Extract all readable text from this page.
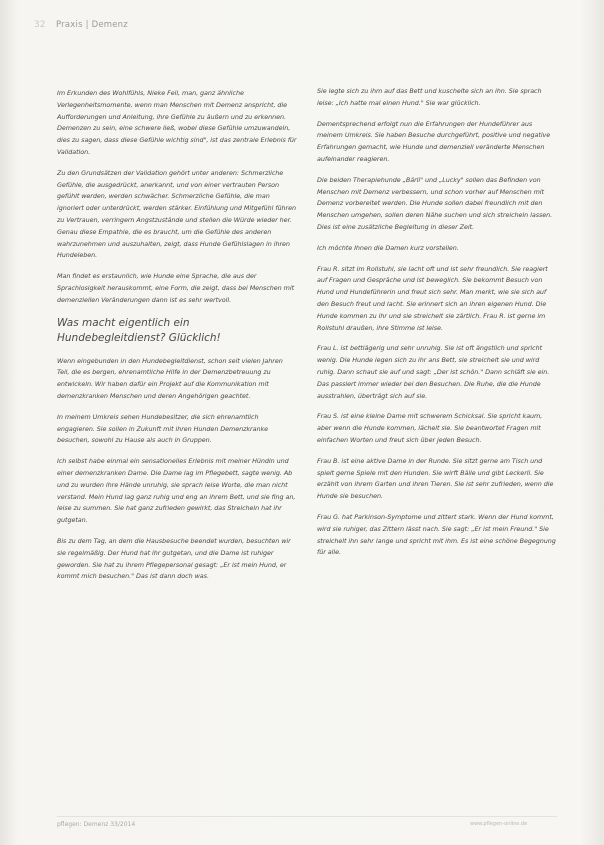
32	Praxis | Demenz

Im Erkunden des Wohlfühls, Nieke Feil, man, ganz ähnliche Verlegenheitsmomente, wenn man Menschen mit Demenz anspricht, die Aufforderungen und Anleitung, ihre Gefühle zu äußern und zu erkennen. Demenzen zu sein, eine schwere ließ, wobei diese Gefühle umzuwandeln, dies zu sagen, dass diese Gefühle wichtig sind", ist das zentrale Erlebnis für Validation.

Zu den Grundsätzen der Validation gehört unter anderen: Schmerzliche Gefühle, die ausgedrückt, anerkannt, und von einer vertrauten Person gefühlt werden, werden schwächer. Schmerzliche Gefühle, die man ignoriert oder unterdrückt, werden stärker. Einfühlung und Mitgefühl führen zu Vertrauen, verringern Angstzustände und stellen die Würde wieder her. Genau diese Empathie, die es braucht, um die Gefühle des anderen wahrzunehmen und auszuhalten, zeigt, dass Hunde Gefühlslagen in ihren Hundeleben.

Man findet es erstaunlich, wie Hunde eine Sprache, die aus der Sprachlosigkeit herauskommt, eine Form, die zeigt, dass bei Menschen mit demenziellen Veränderungen dann ist es sehr wertvoll.

Was macht eigentlich ein Hundebegleitdienst? Glücklich!

Wenn eingebunden in den Hundebegleitdienst, schon seit vielen Jahren Teil, die es bergen, ehrenamtliche Hilfe in der Demenzbetreuung zu entwickeln. Wir haben dafür ein Projekt auf die Kommunikation mit demenzkranken Menschen und deren Angehörigen geachtet.

In meinem Umkreis sehen Hundebesitzer, die sich ehrenamtlich engagieren. Sie sollen in Zukunft mit ihren Hunden Demenzkranke besuchen, sowohl zu Hause als auch in Gruppen.

Ich selbst habe einmal ein sensationelles Erlebnis mit meiner Hündin und einer demenzkranken Dame. Die Dame lag im Pflegebett, sagte wenig. Ab und zu wurden ihre Hände unruhig, sie sprach leise Worte, die man nicht verstand. Mein Hund lag ganz ruhig und eng an ihrem Bett, und sie fing an, leise zu summen. Sie hat ganz zufrieden gewirkt, das Streicheln hat ihr gutgetan.

Bis zu dem Tag, an dem die Hausbesuche beendet wurden, besuchten wir sie regelmäßig. Der Hund hat ihr gutgetan, und die Dame ist ruhiger geworden. Sie hat zu ihrem Pflegepersonal gesagt: „Er ist mein Hund, er kommt mich besuchen." Das ist dann doch was.

Sie legte sich zu ihm auf das Bett und kuschelte sich an ihn. Sie sprach leise: „Ich hatte mal einen Hund." Sie war glücklich.

Dementsprechend erfolgt nun die Erfahrungen der Hundeführer aus meinem Umkreis. Sie haben Besuche durchgeführt, positive und negative Erfahrungen gemacht, wie Hunde und demenziell veränderte Menschen aufeinander reagieren.

Die beiden Therapiehunde „Bärli" und „Lucky" sollen das Befinden von Menschen mit Demenz verbessern, und schon vorher auf Menschen mit Demenz vorbereitet werden. Die Hunde sollen dabei freundlich mit den Menschen umgehen, sollen deren Nähe suchen und sich streicheln lassen. Dies ist eine zusätzliche Begleitung in dieser Zeit.

Ich möchte Ihnen die Damen kurz vorstellen.

Frau R. sitzt im Rollstuhl, sie lacht oft und ist sehr freundlich. Sie reagiert auf Fragen und Gespräche und ist beweglich. Sie bekommt Besuch von Hund und Hundeführerin und freut sich sehr. Man merkt, wie sie sich auf den Besuch freut und lacht. Sie erinnert sich an ihren eigenen Hund. Die Hunde kommen zu ihr und sie streichelt sie zärtlich. Frau R. ist gerne im Rollstuhl draußen, ihre Stimme ist leise.

Frau L. ist bettlägerig und sehr unruhig. Sie ist oft ängstlich und spricht wenig. Die Hunde legen sich zu ihr ans Bett, sie streichelt sie und wird ruhig. Dann schaut sie auf und sagt: „Der ist schön." Dann schläft sie ein. Das passiert immer wieder bei den Besuchen. Die Ruhe, die die Hunde ausstrahlen, überträgt sich auf sie.

Frau S. ist eine kleine Dame mit schwerem Schicksal. Sie spricht kaum, aber wenn die Hunde kommen, lächelt sie. Sie beantwortet Fragen mit einfachen Worten und freut sich über jeden Besuch.

Frau B. ist eine aktive Dame in der Runde. Sie sitzt gerne am Tisch und spielt gerne Spiele mit den Hunden. Sie wirft Bälle und gibt Leckerli. Sie erzählt von ihrem Garten und ihren Tieren. Sie ist sehr zufrieden, wenn die Hunde sie besuchen.

Frau G. hat Parkinson-Symptome und zittert stark. Wenn der Hund kommt, wird sie ruhiger, das Zittern lässt nach. Sie sagt: „Er ist mein Freund." Sie streichelt ihn sehr lange und spricht mit ihm. Es ist eine schöne Begegnung für alle.

pflegen: Demenz 33/2014	www.pflegen-online.de
